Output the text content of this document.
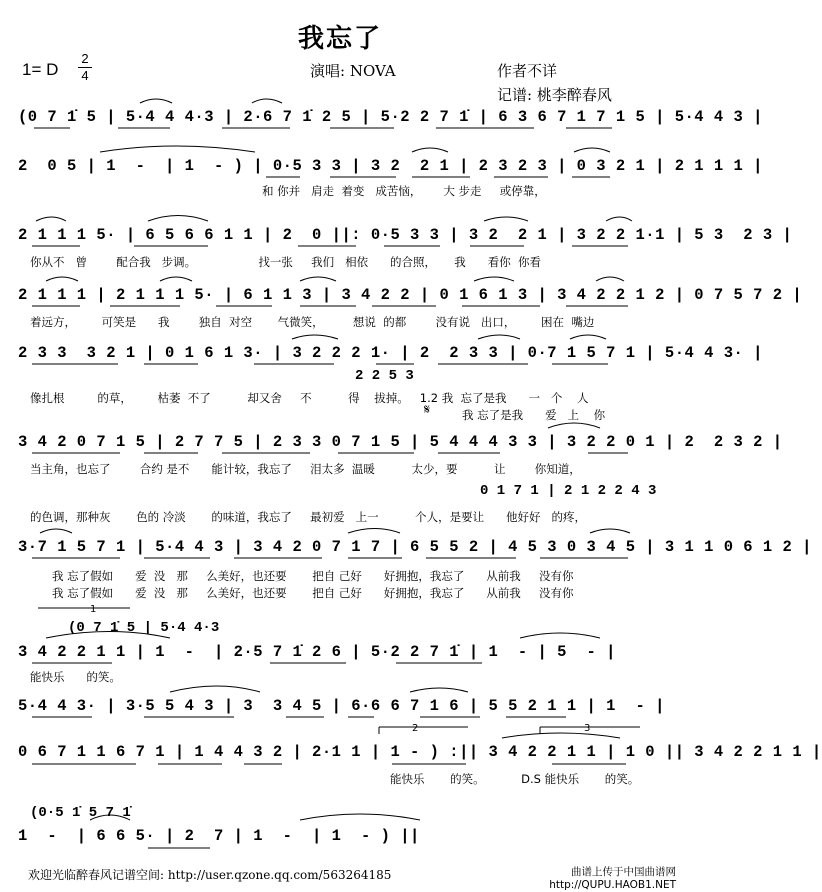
我忘了
1= D
2
4	演唱: NOVA	作者不详
记谱: 桃李醉春风
(0 7 1̇ 5 | 5·4 4 4·3 | 2·6 7 1̇ 2 5 | 5·2 2 7 1̇ | 6 3 6 7 1 7 1 5 | 5·4 4 3 |
2  0 5 | 1  -  | 1  - ) | 0·5 3 3 | 3 2  2 1 | 2 3 2 3 | 0 3 2 1 | 2 1 1 1 |
和 你并   肩走  着变   成苦恼，      大 步走     或停靠，
2 1 1 1 5· | 6 5 6 6 1 1 | 2  0 ||: 0·5 3 3 | 3 2  2 1 | 3 2 2 1·1 | 5 3  2 3 |
你从不   曾        配合我   步调。                 找一张     我们   相依      的合照，     我      看你  你看
2 1 1 1 | 2 1 1 1 5· | 6 1 1 3 | 3 4 2 2 | 0 1 6 1 3 | 3 4 2 2 1 2 | 0 7 5 7 2 |
着远方，       可笑是      我        独自  对空       气微笑，        想说  的都        没有说   出口，       困在  嘴边
2 3 3  3 2 1 | 0 1 6 1 3· | 3 2 2 2 1· | 2  2 3 3 | 0·7 1 5 7 1 | 5·4 4 3· |
像扎根         的草，       枯萎  不了          却又舍     不          得    拔掉。   1.2 我  忘了是我      一   个    人
2 2 5 3
𝄋	我 忘了是我      爱   上    你
3 4 2 0 7 1 5 | 2 7 7 5 | 2 3 3 0 7 1 5 | 5 4 4 4 3 3 | 3 2 2 0 1 | 2  2 3 2 |
当主角，也忘了        合约 是不      能计较，我忘了     泪太多  温暖          太少，要          让        你知道，
0 1 7 1 | 2 1 2 2 4 3
的色调，那种灰       色的 冷淡       的味道，我忘了     最初爱   上一          个人，是要让      他好好   的疼，
3·7 1 5 7 1 | 5·4 4 3 | 3 4 2 0 7 1 7 | 6 5 5 2 | 4 5 3 0 3 4 5 | 3 1 1 0 6 1 2 |
我 忘了假如      爱  没   那     么美好，也还要       把自 己好      好拥抱，我忘了      从前我     没有你
我 忘了假如      爱  没   那     么美好，也还要       把自 己好      好拥抱，我忘了      从前我     没有你
(0 7 1̇ 5 | 5·4 4·3
3 4 2 2 1 1 | 1  -  | 2·5 7 1̇ 2 6 | 5·2 2 7 1̇ | 1  - | 5  - |
能快乐      的笑。
5·4 4 3· | 3·5 5 4 3 | 3  3 4 5 | 6·6 6 7 1 6 | 5 5 2 1 1 | 1  - |
0 6 7 1 1 6 7 1 | 1 4 4 3 2 | 2·1 1 | 1 - ) :|| 3 4 2 2 1 1 | 1 0 || 3 4 2 2 1 1 |
能快乐       的笑。          D.S 能快乐       的笑。
(0·5 1̇ 5 7 1̇
1  -  | 6 6 5· | 2  7 | 1  -  | 1  - ) ||
1
2	3
欢迎光临醉春风记谱空间: http://user.qzone.qq.com/563264185	曲谱上传于中国曲谱网
http://QUPU.HAOB1.NET
